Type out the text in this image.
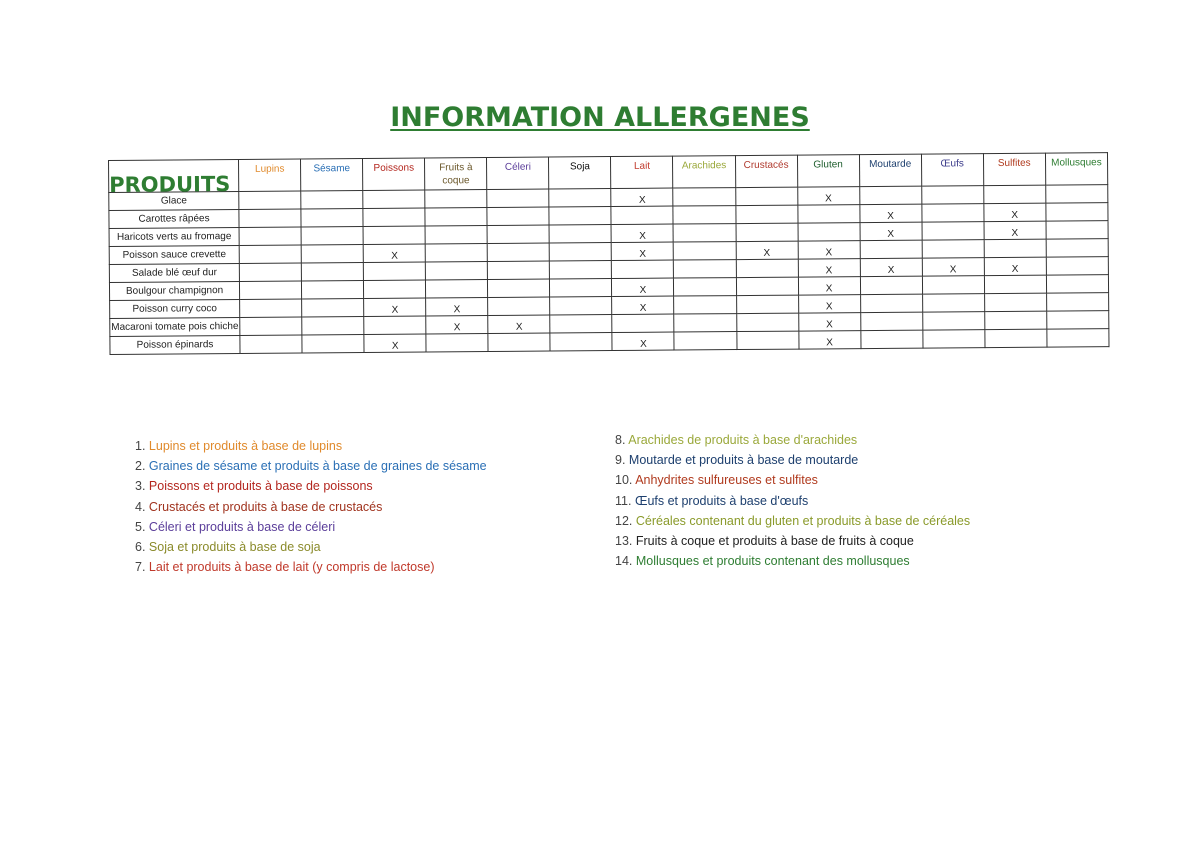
INFORMATION ALLERGENES
PRODUITS	Lupins	Sésame	Poissons	Fruits à coque	Céleri	Soja	Lait	Arachides	Crustacés	Gluten	Moutarde	Œufs	Sulfites	Mollusques
Glace							X			X				
Carottes râpées											X		X	
Haricots verts au fromage							X				X		X	
Poisson sauce crevette			X				X		X	X				
Salade blé œuf dur										X	X	X	X	
Boulgour champignon							X			X				
Poisson curry coco			X	X			X			X				
Macaroni tomate pois chiche				X	X					X				
Poisson épinards			X				X			X				
1. Lupins et produits à base de lupins
2. Graines de sésame et produits à base de graines de sésame
3. Poissons et produits à base de poissons
4. Crustacés et produits à base de crustacés
5. Céleri et produits à base de céleri
6. Soja et produits à base de soja
7. Lait et produits à base de lait (y compris de lactose)
8. Arachides de produits à base d'arachides
9. Moutarde et produits à base de moutarde
10. Anhydrites sulfureuses et sulfites
11. Œufs et produits à base d'œufs
12. Céréales contenant du gluten et produits à base de céréales
13. Fruits à coque et produits à base de fruits à coque
14. Mollusques et produits contenant des mollusques
